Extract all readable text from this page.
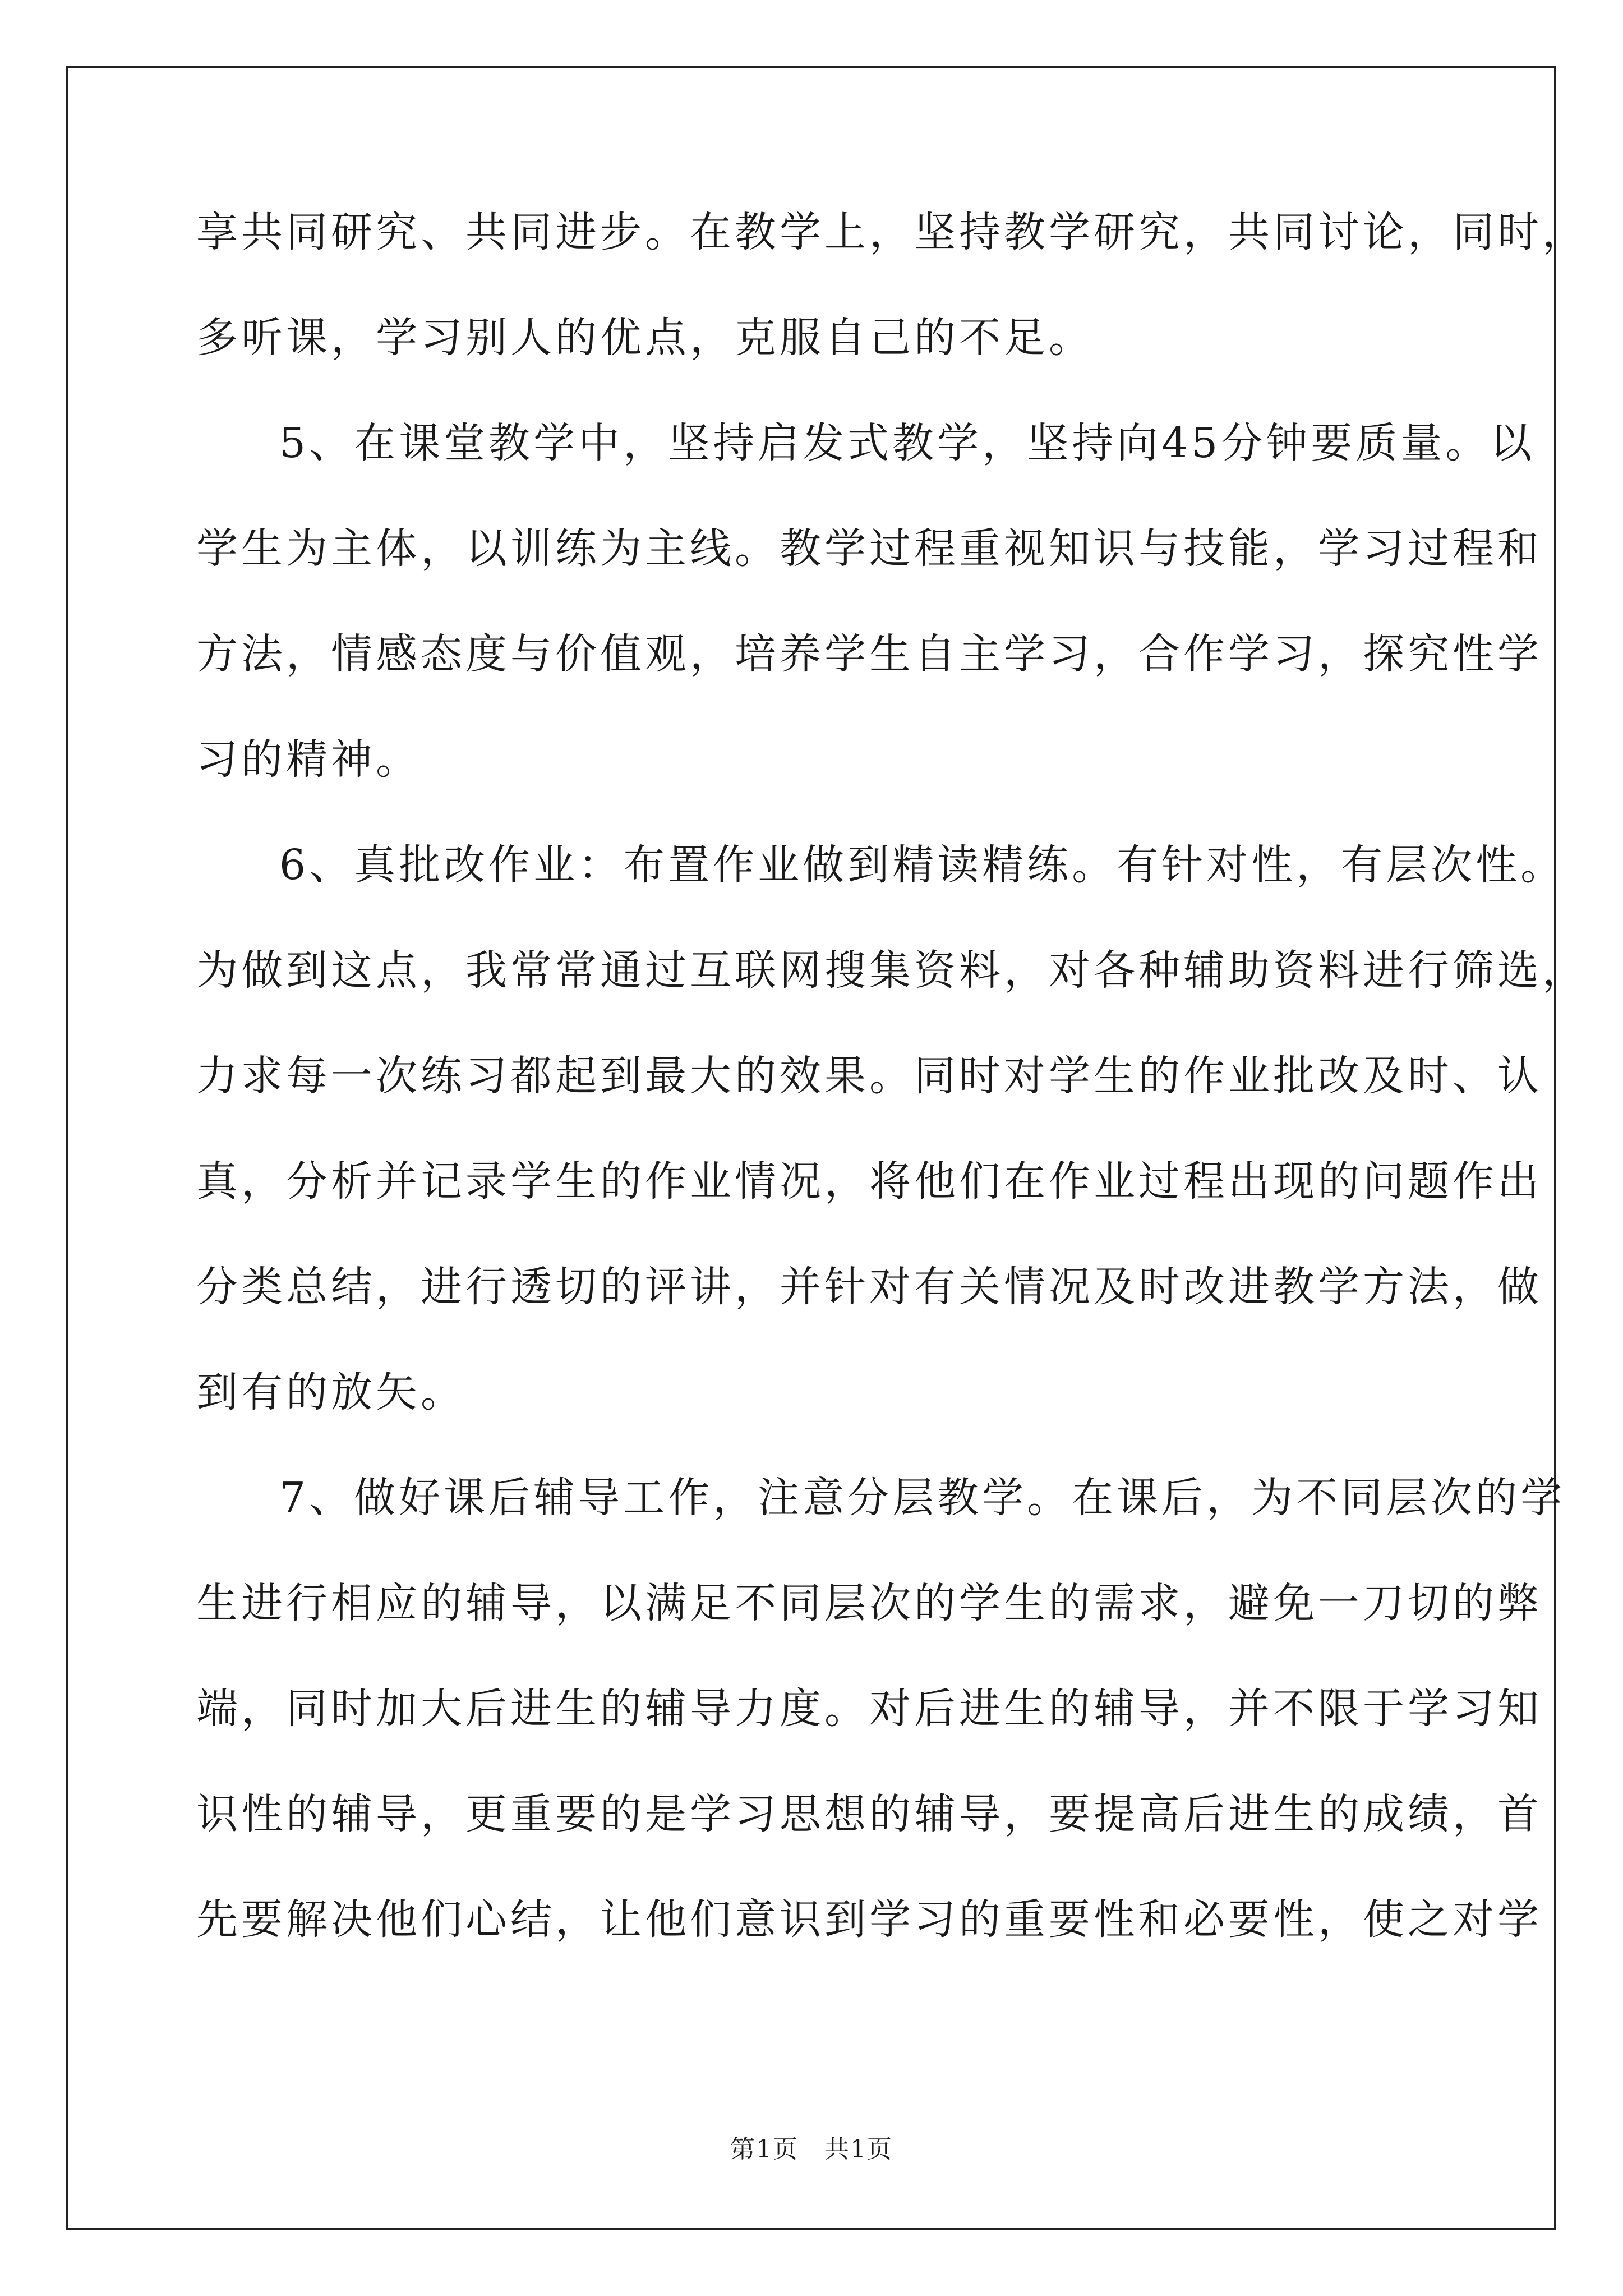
享共同研究、共同进步。在教学上，坚持教学研究，共同讨论，同时，

多听课，学习别人的优点，克服自己的不足。

5、在课堂教学中，坚持启发式教学，坚持向45分钟要质量。以

学生为主体，以训练为主线。教学过程重视知识与技能，学习过程和

方法，情感态度与价值观，培养学生自主学习，合作学习，探究性学

习的精神。

6、真批改作业：布置作业做到精读精练。有针对性，有层次性。

为做到这点，我常常通过互联网搜集资料，对各种辅助资料进行筛选，

力求每一次练习都起到最大的效果。同时对学生的作业批改及时、认

真，分析并记录学生的作业情况，将他们在作业过程出现的问题作出

分类总结，进行透切的评讲，并针对有关情况及时改进教学方法，做

到有的放矢。

7、做好课后辅导工作，注意分层教学。在课后，为不同层次的学

生进行相应的辅导，以满足不同层次的学生的需求，避免一刀切的弊

端，同时加大后进生的辅导力度。对后进生的辅导，并不限于学习知

识性的辅导，更重要的是学习思想的辅导，要提高后进生的成绩，首

先要解决他们心结，让他们意识到学习的重要性和必要性，使之对学

第1页　共1页
